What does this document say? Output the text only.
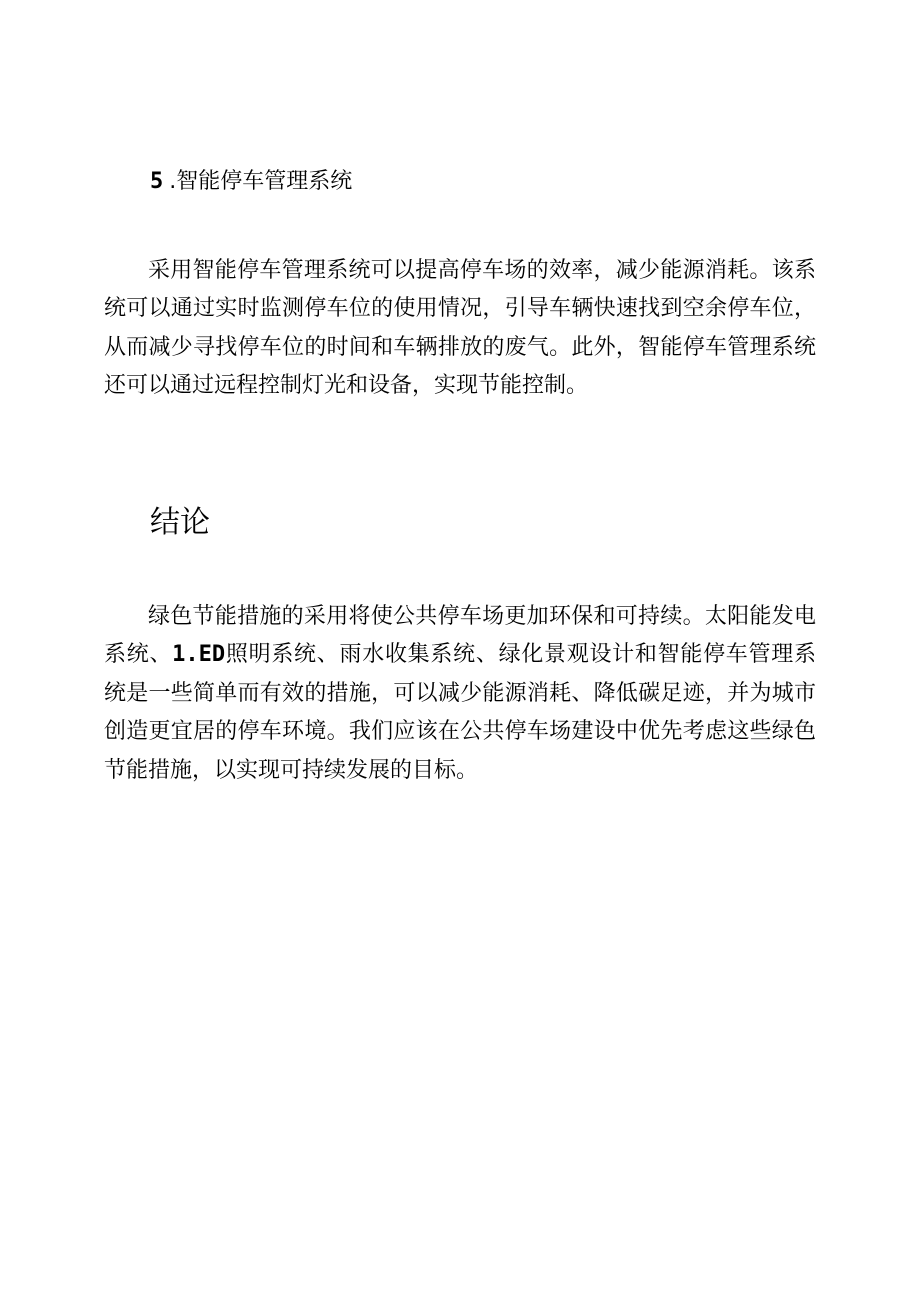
5 .智能停车管理系统

采用智能停车管理系统可以提高停车场的效率，减少能源消耗。该系统可以通过实时监测停车位的使用情况，引导车辆快速找到空余停车位，从而减少寻找停车位的时间和车辆排放的废气。此外，智能停车管理系统还可以通过远程控制灯光和设备，实现节能控制。

结论

绿色节能措施的采用将使公共停车场更加环保和可持续。太阳能发电系统、1.ED照明系统、雨水收集系统、绿化景观设计和智能停车管理系统是一些简单而有效的措施，可以减少能源消耗、降低碳足迹，并为城市创造更宜居的停车环境。我们应该在公共停车场建设中优先考虑这些绿色节能措施，以实现可持续发展的目标。
